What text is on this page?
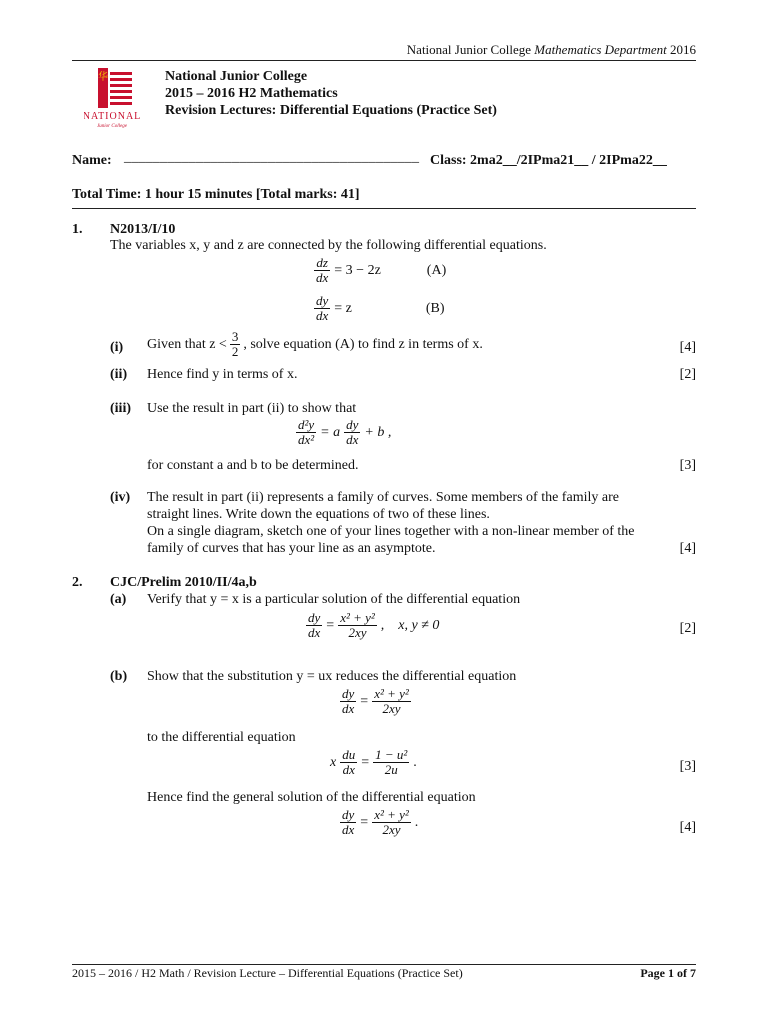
National Junior College Mathematics Department 2016
华
NATIONAL
Junior College
National Junior College
2015 – 2016 H2 Mathematics
Revision Lectures: Differential Equations (Practice Set)
Name: _________________________________________ Class: 2ma2__/2IPma21__ / 2IPma22__
Total Time: 1 hour 15 minutes [Total marks: 41]
1. N2013/I/10
The variables x, y and z are connected by the following differential equations.
$\frac{dz}{dx} = 3 - 2z$	(A)
$\frac{dy}{dx} = z$	(B)
(i) Given that $z < \frac{3}{2}$ , solve equation (A) to find z in terms of x.	[4]
(ii) Hence find y in terms of x.	[2]
(iii) Use the result in part (ii) to show that
$\frac{\text{d²y}}{\text{dx²}} = a \frac{dy}{dx} + b$ ,
for constant a and b to be determined.	[3]
(iv) The result in part (ii) represents a family of curves. Some members of the family are
straight lines. Write down the equations of two of these lines.
On a single diagram, sketch one of your lines together with a non-linear member of the
family of curves that has your line as an asymptote.	[4]
2. CJC/Prelim 2010/II/4a,b
(a) Verify that y = x is a particular solution of the differential equation
$\frac{dy}{dx} = \frac{\text{x² + y²}}{2xy}$ ,    x, y ≠ 0	[2]
(b) Show that the substitution y = ux reduces the differential equation
$\frac{dy}{dx} = \frac{\text{x² + y²}}{2xy}$
to the differential equation
x $\frac{du}{dx} = \frac{\text{1 − u²}}{2u}$ .	[3]
Hence find the general solution of the differential equation
$\frac{dy}{dx} = \frac{\text{x² + y²}}{2xy}$ .	[4]
2015 – 2016 / H2 Math / Revision Lecture – Differential Equations (Practice Set)	Page 1 of 7
